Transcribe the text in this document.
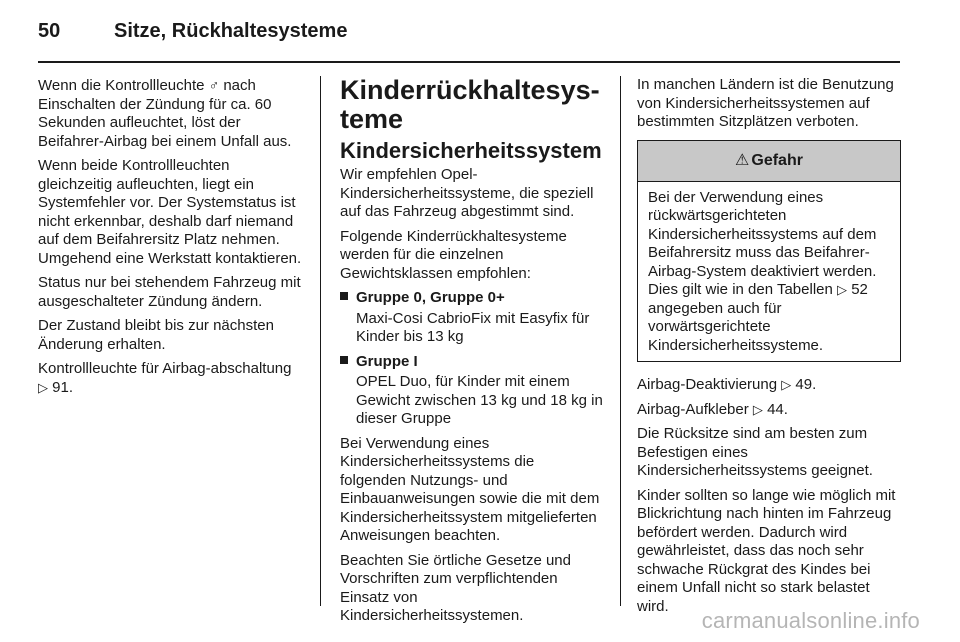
50	Sitze, Rückhaltesysteme

Wenn die Kontrollleuchte ♂ nach Einschalten der Zündung für ca. 60 Sekunden aufleuchtet, löst der Beifahrer-Airbag bei einem Unfall aus.

Wenn beide Kontrollleuchten gleichzeitig aufleuchten, liegt ein Systemfehler vor. Der Systemstatus ist nicht erkennbar, deshalb darf niemand auf dem Beifahrersitz Platz nehmen. Umgehend eine Werkstatt kontaktieren.

Status nur bei stehendem Fahrzeug mit ausgeschalteter Zündung ändern.

Der Zustand bleibt bis zur nächsten Änderung erhalten.

Kontrollleuchte für Airbag-abschaltung ▷ 91.

Kinderrückhaltesys-teme
Kindersicherheitssystem

Wir empfehlen Opel-Kindersicherheitssysteme, die speziell auf das Fahrzeug abgestimmt sind.

Folgende Kinderrückhaltesysteme werden für die einzelnen Gewichtsklassen empfohlen:

Gruppe 0, Gruppe 0+

Maxi-Cosi CabrioFix mit Easyfix für Kinder bis 13 kg

Gruppe I

OPEL Duo, für Kinder mit einem Gewicht zwischen 13 kg und 18 kg in dieser Gruppe

Bei Verwendung eines Kindersicherheitssystems die folgenden Nutzungs- und Einbauanweisungen sowie die mit dem Kindersicherheitssystem mitgelieferten Anweisungen beachten.

Beachten Sie örtliche Gesetze und Vorschriften zum verpflichtenden Einsatz von Kindersicherheitssystemen.

In manchen Ländern ist die Benutzung von Kindersicherheitssystemen auf bestimmten Sitzplätzen verboten.

⚠ Gefahr
Bei der Verwendung eines rückwärtsgerichteten Kindersicherheitssystems auf dem Beifahrersitz muss das Beifahrer-Airbag-System deaktiviert werden. Dies gilt wie in den Tabellen ▷ 52 angegeben auch für vorwärtsgerichtete Kindersicherheitssysteme.

Airbag-Deaktivierung ▷ 49.

Airbag-Aufkleber ▷ 44.

Die Rücksitze sind am besten zum Befestigen eines Kindersicherheitssystems geeignet.

Kinder sollten so lange wie möglich mit Blickrichtung nach hinten im Fahrzeug befördert werden. Dadurch wird gewährleistet, dass das noch sehr schwache Rückgrat des Kindes bei einem Unfall nicht so stark belastet wird.

carmanualsonline.info
